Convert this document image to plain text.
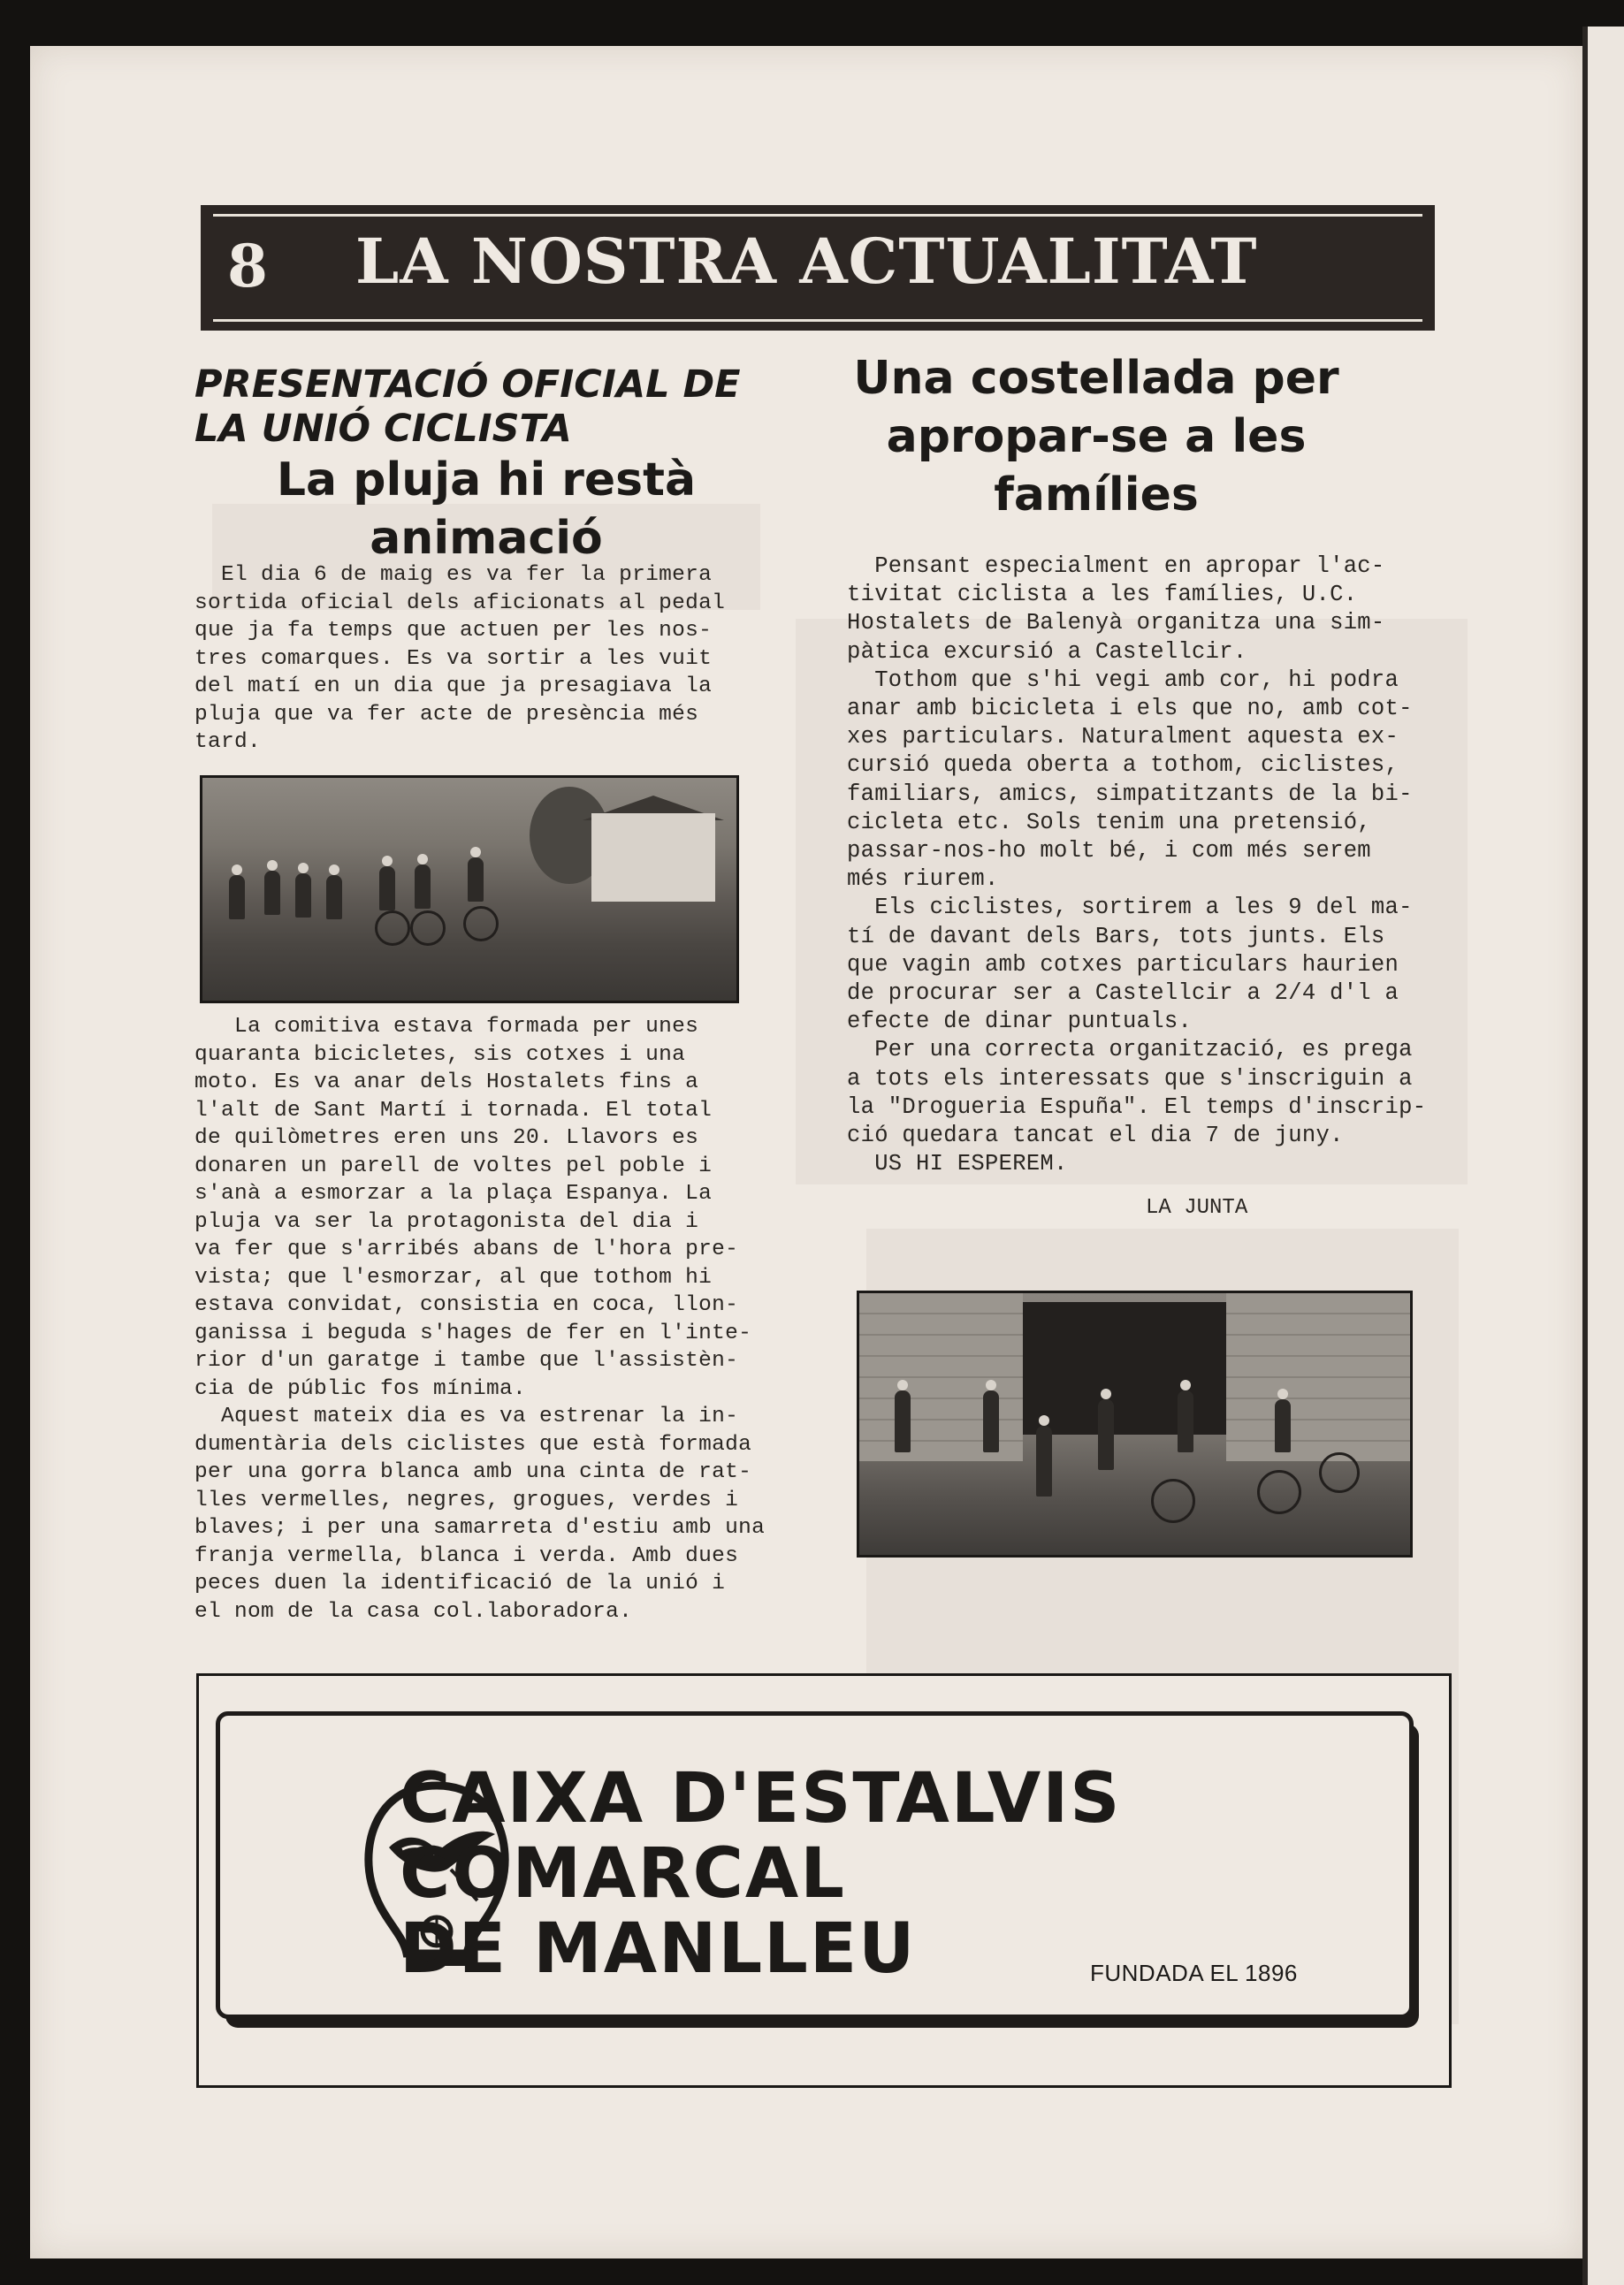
8 LA NOSTRA ACTUALITAT
PRESENTACIÓ OFICIAL DE LA UNIÓ CICLISTA
La pluja hi restà animació
El dia 6 de maig es va fer la primera
sortida oficial dels aficionats al pedal
que ja fa temps que actuen per les nos-
tres comarques. Es va sortir a les vuit
del matí en un dia que ja presagiava la
pluja que va fer acte de presència més
tard.
La comitiva estava formada per unes
quaranta bicicletes, sis cotxes i una
moto. Es va anar dels Hostalets fins a
l'alt de Sant Martí i tornada. El total
de quilòmetres eren uns 20. Llavors es
donaren un parell de voltes pel poble i
s'anà a esmorzar a la plaça Espanya. La
pluja va ser la protagonista del dia i
va fer que s'arribés abans de l'hora pre-
vista; que l'esmorzar, al que tothom hi
estava convidat, consistia en coca, llon-
ganissa i beguda s'hages de fer en l'inte-
rior d'un garatge i tambe que l'assistèn-
cia de públic fos mínima.
Aquest mateix dia es va estrenar la in-
dumentària dels ciclistes que està formada
per una gorra blanca amb una cinta de rat-
lles vermelles, negres, grogues, verdes i
blaves; i per una samarreta d'estiu amb una
franja vermella, blanca i verda. Amb dues
peces duen la identificació de la unió i
el nom de la casa col.laboradora.
Una costellada per apropar-se a les famílies
Pensant especialment en apropar l'ac-
tivitat ciclista a les famílies, U.C.
Hostalets de Balenyà organitza una sim-
pàtica excursió a Castellcir.
Tothom que s'hi vegi amb cor, hi podra
anar amb bicicleta i els que no, amb cot-
xes particulars. Naturalment aquesta ex-
cursió queda oberta a tothom, ciclistes,
familiars, amics, simpatitzants de la bi-
cicleta etc. Sols tenim una pretensió,
passar-nos-ho molt bé, i com més serem
més riurem.
Els ciclistes, sortirem a les 9 del ma-
tí de davant dels Bars, tots junts. Els
que vagin amb cotxes particulars haurien
de procurar ser a Castellcir a 2/4 d'l a
efecte de dinar puntuals.
Per una correcta organització, es prega
a tots els interessats que s'inscriguin a
la "Drogueria Espuña". El temps d'inscrip-
ció quedara tancat el dia 7 de juny.
US HI ESPEREM.
LA JUNTA
CAIXA D'ESTALVIS
COMARCAL
DE MANLLEU	FUNDADA EL 1896
